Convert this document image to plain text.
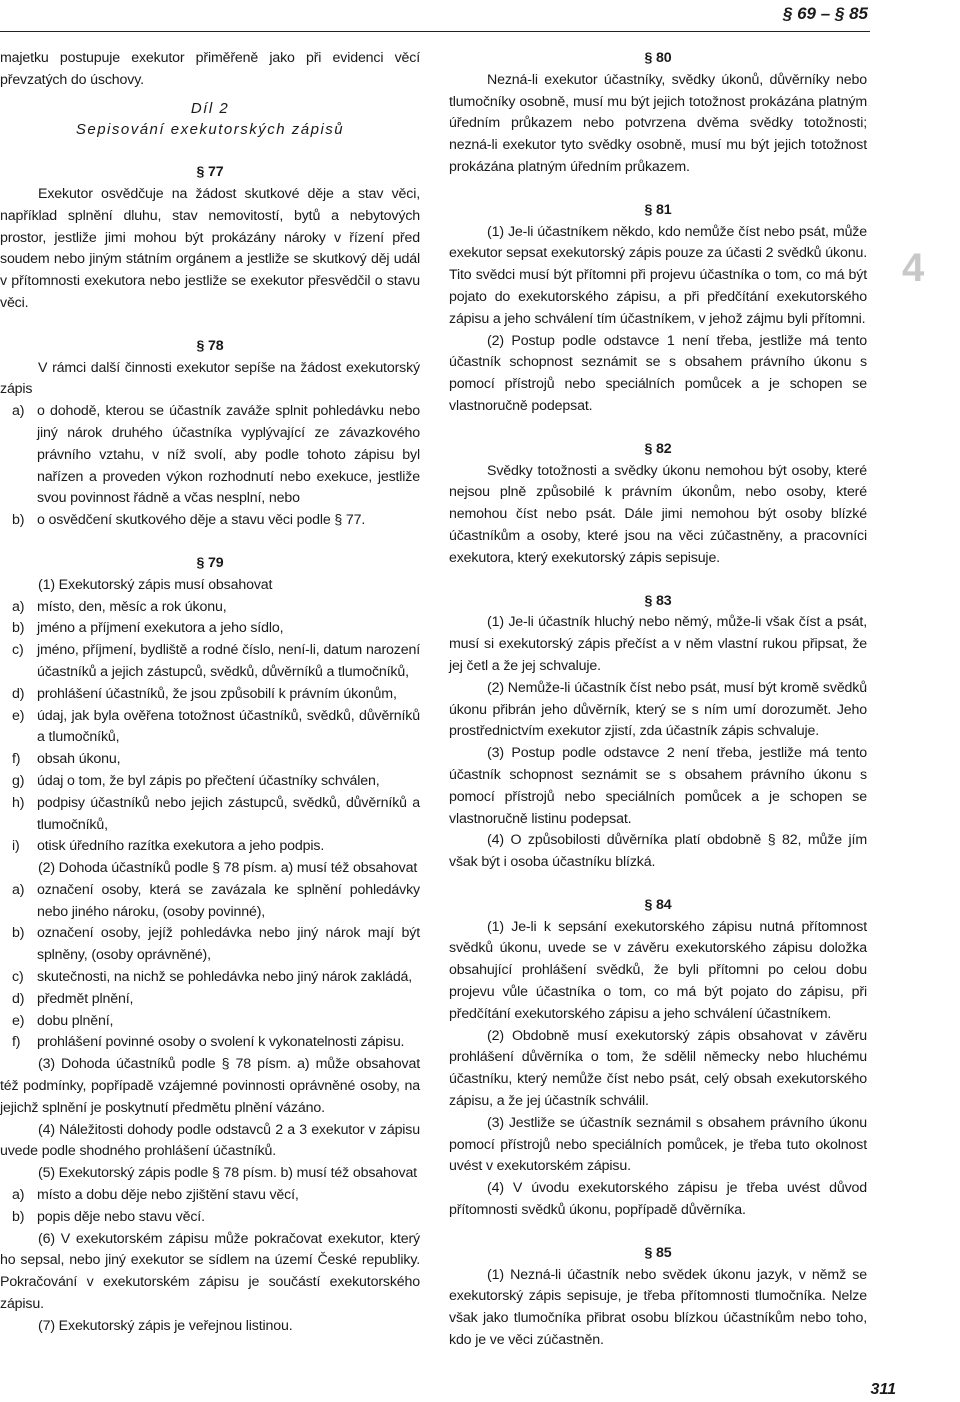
§ 69 – § 85

majetku postupuje exekutor přiměřeně jako při evidenci věcí převzatých do úschovy.

Díl 2

Sepisování exekutorských zápisů

§ 77

Exekutor osvědčuje na žádost skutkové děje a stav věci, například splnění dluhu, stav nemovitostí, bytů a nebytových prostor, jestliže jimi mohou být prokázány nároky v řízení před soudem nebo jiným státním orgánem a jestliže se skutkový děj udál v přítomnosti exekutora nebo jestliže se exekutor přesvědčil o stavu věci.

§ 78

V rámci další činnosti exekutor sepíše na žádost exekutorský zápis

a) o dohodě, kterou se účastník zaváže splnit pohledávku nebo jiný nárok druhého účastníka vyplývající ze závazkového právního vztahu, v níž svolí, aby podle tohoto zápisu byl nařízen a proveden výkon rozhodnutí nebo exekuce, jestliže svou povinnost řádně a včas nesplní, nebo
b) o osvědčení skutkového děje a stavu věci podle § 77.

§ 79

(1) Exekutorský zápis musí obsahovat

a) místo, den, měsíc a rok úkonu,
b) jméno a příjmení exekutora a jeho sídlo,
c) jméno, příjmení, bydliště a rodné číslo, není-li, datum narození účastníků a jejich zástupců, svědků, důvěrníků a tlumočníků,
d) prohlášení účastníků, že jsou způsobilí k právním úkonům,
e) údaj, jak byla ověřena totožnost účastníků, svědků, důvěrníků a tlumočníků,
f) obsah úkonu,
g) údaj o tom, že byl zápis po přečtení účastníky schválen,
h) podpisy účastníků nebo jejich zástupců, svědků, důvěrníků a tlumočníků,
i) otisk úředního razítka exekutora a jeho podpis.

(2) Dohoda účastníků podle § 78 písm. a) musí též obsahovat

a) označení osoby, která se zavázala ke splnění pohledávky nebo jiného nároku, (osoby povinné),
b) označení osoby, jejíž pohledávka nebo jiný nárok mají být splněny, (osoby oprávněné),
c) skutečnosti, na nichž se pohledávka nebo jiný nárok zakládá,
d) předmět plnění,
e) dobu plnění,
f) prohlášení povinné osoby o svolení k vykonatelnosti zápisu.

(3) Dohoda účastníků podle § 78 písm. a) může obsahovat též podmínky, popřípadě vzájemné povinnosti oprávněné osoby, na jejichž splnění je poskytnutí předmětu plnění vázáno.

(4) Náležitosti dohody podle odstavců 2 a 3 exekutor v zápisu uvede podle shodného prohlášení účastníků.

(5) Exekutorský zápis podle § 78 písm. b) musí též obsahovat

a) místo a dobu děje nebo zjištění stavu věcí,
b) popis děje nebo stavu věcí.

(6) V exekutorském zápisu může pokračovat exekutor, který ho sepsal, nebo jiný exekutor se sídlem na území České republiky. Pokračování v exekutorském zápisu je součástí exekutorského zápisu.

(7) Exekutorský zápis je veřejnou listinou.

§ 80

Nezná-li exekutor účastníky, svědky úkonů, důvěrníky nebo tlumočníky osobně, musí mu být jejich totožnost prokázána platným úředním průkazem nebo potvrzena dvěma svědky totožnosti; nezná-li exekutor tyto svědky osobně, musí mu být jejich totožnost prokázána platným úředním průkazem.

§ 81

(1) Je-li účastníkem někdo, kdo nemůže číst nebo psát, může exekutor sepsat exekutorský zápis pouze za účasti 2 svědků úkonu. Tito svědci musí být přítomni při projevu účastníka o tom, co má být pojato do exekutorského zápisu, a při předčítání exekutorského zápisu a jeho schválení tím účastníkem, v jehož zájmu byli přítomni.

(2) Postup podle odstavce 1 není třeba, jestliže má tento účastník schopnost seznámit se s obsahem právního úkonu s pomocí přístrojů nebo speciálních pomůcek a je schopen se vlastnoručně podepsat.

§ 82

Svědky totožnosti a svědky úkonu nemohou být osoby, které nejsou plně způsobilé k právním úkonům, nebo osoby, které nemohou číst nebo psát. Dále jimi nemohou být osoby blízké účastníkům a osoby, které jsou na věci zúčastněny, a pracovníci exekutora, který exekutorský zápis sepisuje.

§ 83

(1) Je-li účastník hluchý nebo němý, může-li však číst a psát, musí si exekutorský zápis přečíst a v něm vlastní rukou připsat, že jej četl a že jej schvaluje.

(2) Nemůže-li účastník číst nebo psát, musí být kromě svědků úkonu přibrán jeho důvěrník, který se s ním umí dorozumět. Jeho prostřednictvím exekutor zjistí, zda účastník zápis schvaluje.

(3) Postup podle odstavce 2 není třeba, jestliže má tento účastník schopnost seznámit se s obsahem právního úkonu s pomocí přístrojů nebo speciálních pomůcek a je schopen se vlastnoručně listinu podepsat.

(4) O způsobilosti důvěrníka platí obdobně § 82, může jím však být i osoba účastníku blízká.

§ 84

(1) Je-li k sepsání exekutorského zápisu nutná přítomnost svědků úkonu, uvede se v závěru exekutorského zápisu doložka obsahující prohlášení svědků, že byli přítomni po celou dobu projevu vůle účastníka o tom, co má být pojato do zápisu, při předčítání exekutorského zápisu a jeho schválení účastníkem.

(2) Obdobně musí exekutorský zápis obsahovat v závěru prohlášení důvěrníka o tom, že sdělil německy nebo hluchému účastníku, který nemůže číst nebo psát, celý obsah exekutorského zápisu, a že jej účastník schválil.

(3) Jestliže se účastník seznámil s obsahem právního úkonu pomocí přístrojů nebo speciálních pomůcek, je třeba tuto okolnost uvést v exekutorském zápisu.

(4) V úvodu exekutorského zápisu je třeba uvést důvod přítomnosti svědků úkonu, popřípadě důvěrníka.

§ 85

(1) Nezná-li účastník nebo svědek úkonu jazyk, v němž se exekutorský zápis sepisuje, je třeba přítomnosti tlumočníka. Nelze však jako tlumočníka přibrat osobu blízkou účastníkům nebo toho, kdo je ve věci zúčastněn.

4
311
